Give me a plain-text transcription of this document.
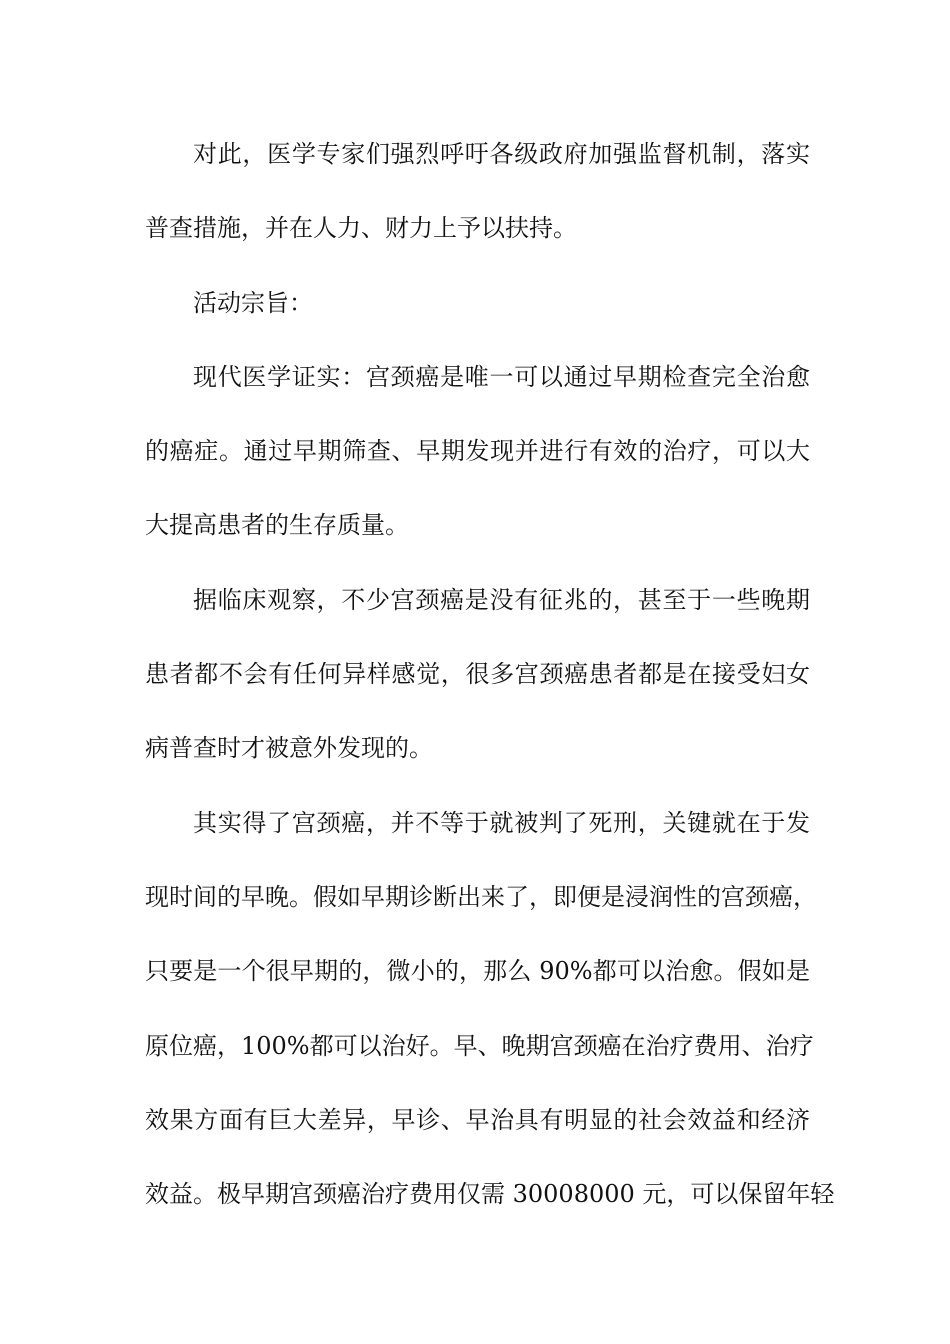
对此，医学专家们强烈呼吁各级政府加强监督机制，落实
普查措施，并在人力、财力上予以扶持。
活动宗旨：
现代医学证实：宫颈癌是唯一可以通过早期检查完全治愈
的癌症。通过早期筛查、早期发现并进行有效的治疗，可以大
大提高患者的生存质量。
据临床观察，不少宫颈癌是没有征兆的，甚至于一些晚期
患者都不会有任何异样感觉，很多宫颈癌患者都是在接受妇女
病普查时才被意外发现的。
其实得了宫颈癌，并不等于就被判了死刑，关键就在于发
现时间的早晚。假如早期诊断出来了，即便是浸润性的宫颈癌，
只要是一个很早期的，微小的，那么 90%都可以治愈。假如是
原位癌，100%都可以治好。早、晚期宫颈癌在治疗费用、治疗
效果方面有巨大差异，早诊、早治具有明显的社会效益和经济
效益。极早期宫颈癌治疗费用仅需 30008000 元，可以保留年轻
